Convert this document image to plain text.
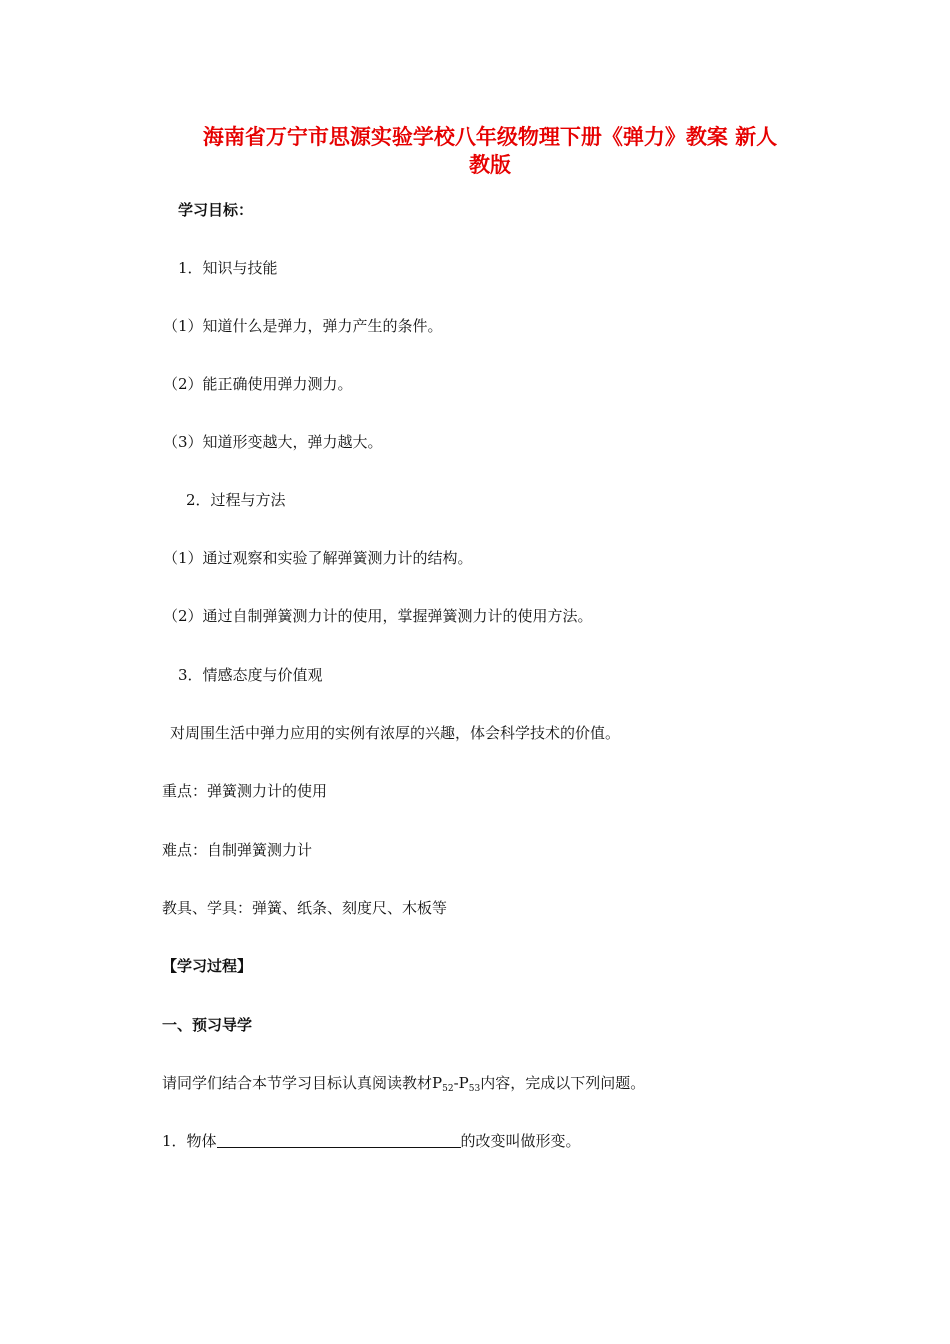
海南省万宁市思源实验学校八年级物理下册《弹力》教案 新人
教版
学习目标：
1．知识与技能
（1）知道什么是弹力，弹力产生的条件。
（2）能正确使用弹力测力。
（3）知道形变越大，弹力越大。
2．过程与方法
（1）通过观察和实验了解弹簧测力计的结构。
（2）通过自制弹簧测力计的使用，掌握弹簧测力计的使用方法。
3．情感态度与价值观
对周围生活中弹力应用的实例有浓厚的兴趣，体会科学技术的价值。
重点：弹簧测力计的使用
难点：自制弹簧测力计
教具、学具：弹簧、纸条、刻度尺、木板等
【学习过程】
一、预习导学
请同学们结合本节学习目标认真阅读教材$P_{52}-P_{53}$内容，完成以下列问题。
1．物体	的改变叫做形变。
